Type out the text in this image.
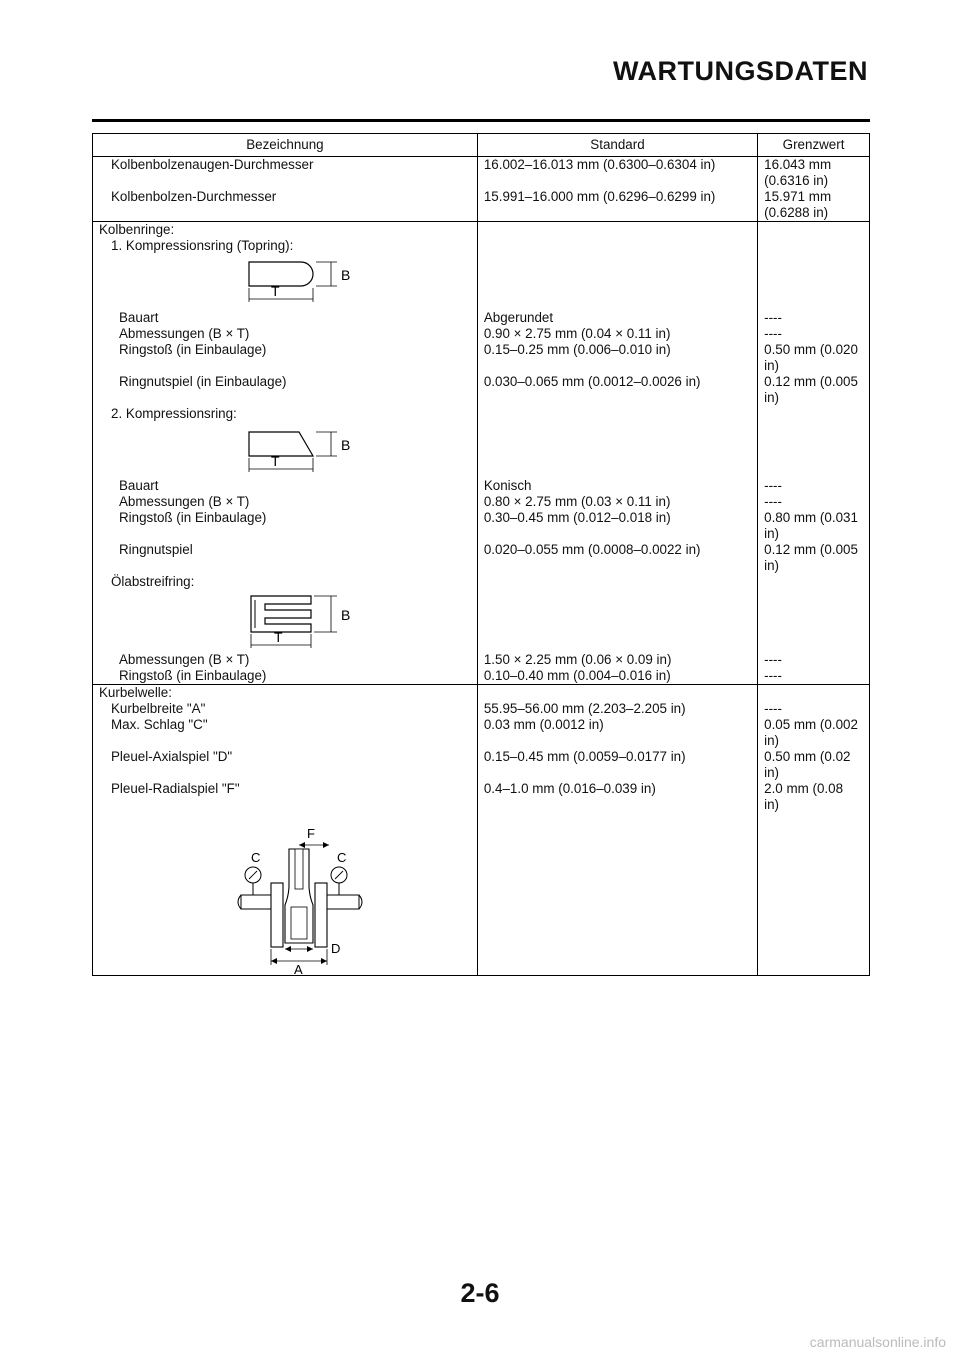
WARTUNGSDATEN
Bezeichnung	Standard	Grenzwert
Kolbenbolzenaugen-Durchmesser	16.002–16.013 mm (0.6300–0.6304 in)	16.043 mm
(0.6316 in)
Kolbenbolzen-Durchmesser	15.991–16.000 mm (0.6296–0.6299 in)	15.971 mm
(0.6288 in)
Kolbenringe:		
1. Kompressionsring (Topring):		

B
T		

Bauart	Abgerundet	----
Abmessungen (B × T)	0.90 × 2.75 mm (0.04 × 0.11 in)	----
Ringstoß (in Einbaulage)	0.15–0.25 mm (0.006–0.010 in)	0.50 mm (0.020
in)
Ringnutspiel (in Einbaulage)	0.030–0.065 mm (0.0012–0.0026 in)	0.12 mm (0.005
in)
2. Kompressionsring:		

B
T		

Bauart	Konisch	----
Abmessungen (B × T)	0.80 × 2.75 mm (0.03 × 0.11 in)	----
Ringstoß (in Einbaulage)	0.30–0.45 mm (0.012–0.018 in)	0.80 mm (0.031
in)
Ringnutspiel	0.020–0.055 mm (0.0008–0.0022 in)	0.12 mm (0.005
in)
Ölabstreifring:		

B
T		

Abmessungen (B × T)	1.50 × 2.25 mm (0.06 × 0.09 in)	----
Ringstoß (in Einbaulage)	0.10–0.40 mm (0.004–0.016 in)	----
Kurbelwelle:		
Kurbelbreite "A"	55.95–56.00 mm (2.203–2.205 in)	----
Max. Schlag "C"	0.03 mm (0.0012 in)	0.05 mm (0.002
in)
Pleuel-Axialspiel "D"	0.15–0.45 mm (0.0059–0.0177 in)	0.50 mm (0.02
in)
Pleuel-Radialspiel "F"	0.4–1.0 mm (0.016–0.039 in)	2.0 mm (0.08
in)

F
C C
D
A		

2-6
carmanualsonline.info
